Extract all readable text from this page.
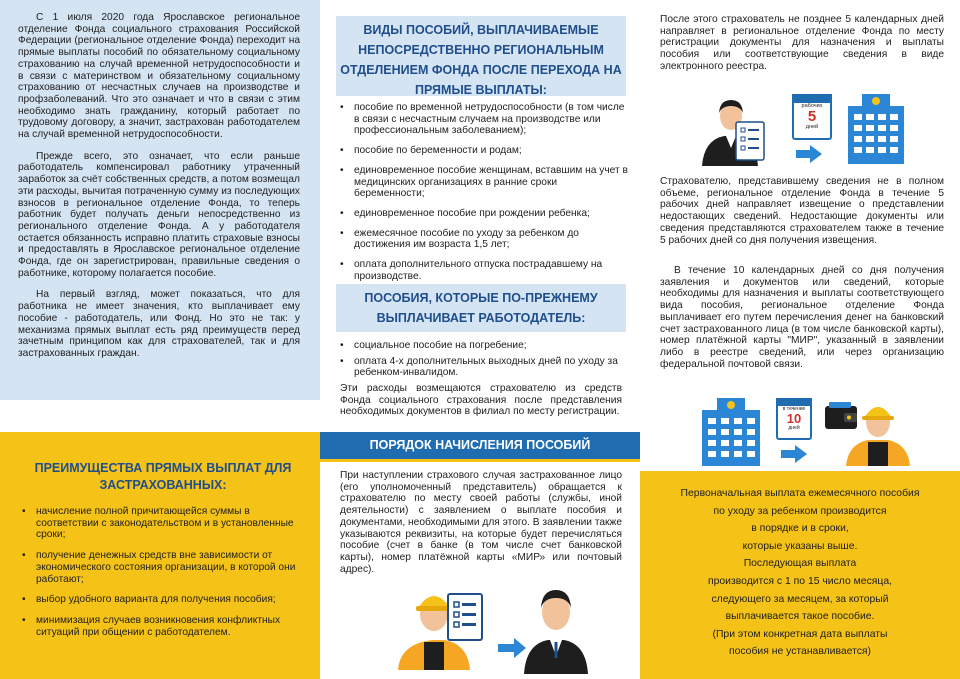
С 1 июля 2020 года Ярославское региональное отделение Фонда социального страхования Российской Федерации (региональное отделение Фонда) переходит на прямые выплаты пособий по обязательному социальному страхованию на случай временной нетрудоспособности и в связи с материнством и обязательному социальному страхованию от несчастных случаев на производстве и профзаболеваний. Что это означает и что в связи с этим необходимо знать гражданину, который работает по трудовому договору, а значит, застрахован работодателем на случай временной нетрудоспособности.

Прежде всего, это означает, что если раньше работодатель компенсировал работнику утраченный заработок за счёт собственных средств, а потом возмещал эти расходы, вычитая потраченную сумму из последующих взносов в региональное отделение Фонда, то теперь работник будет получать деньги непосредственно из регионального отделение Фонда. А у работодателя остается обязанность исправно платить страховые взносы и предоставлять в Ярославское региональное отделение Фонда, где он зарегистрирован, правильные сведения о работнике, которому полагается пособие.

На первый взгляд, может показаться, что для работника не имеет значения, кто выплачивает ему пособие - работодатель, или Фонд. Но это не так: у механизма прямых выплат есть ряд преимуществ перед зачетным принципом как для страхователей, так и для застрахованных граждан.

ПРЕИМУЩЕСТВА ПРЯМЫХ ВЫПЛАТ ДЛЯ ЗАСТРАХОВАННЫХ:
• начисление полной причитающейся суммы в соответствии с законодательством и в установленные сроки;
• получение денежных средств вне зависимости от экономического состояния организации, в которой они работают;
• выбор удобного варианта для получения пособия;
• минимизация случаев возникновения конфликтных ситуаций при общении с работодателем.
ВИДЫ ПОСОБИЙ, ВЫПЛАЧИВАЕМЫЕ НЕПОСРЕДСТВЕННО РЕГИОНАЛЬНЫМ ОТДЕЛЕНИЕМ ФОНДА ПОСЛЕ ПЕРЕХОДА НА ПРЯМЫЕ ВЫПЛАТЫ:
• пособие по временной нетрудоспособности (в том числе в связи с несчастным случаем на производстве или профессиональным заболеванием);
• пособие по беременности и родам;
• единовременное пособие женщинам, вставшим на учет в медицинских организациях в ранние сроки беременности;
• единовременное пособие при рождении ребенка;
• ежемесячное пособие по уходу за ребенком до достижения им возраста 1,5 лет;
• оплата дополнительного отпуска пострадавшему на производстве.
ПОСОБИЯ, КОТОРЫЕ ПО-ПРЕЖНЕМУ ВЫПЛАЧИВАЕТ РАБОТОДАТЕЛЬ:
• социальное пособие на погребение;
• оплата 4-х дополнительных выходных дней по уходу за ребенком-инвалидом.

Эти расходы возмещаются страхователю из средств Фонда социального страхования после представления необходимых документов в филиал по месту регистрации.

ПОРЯДОК НАЧИСЛЕНИЯ ПОСОБИЙ

При наступлении страхового случая застрахованное лицо (его уполномоченный представитель) обращается к страхователю по месту своей работы (службы, иной деятельности) с заявлением о выплате пособия и документами, необходимыми для этого. В заявлении также указываются реквизиты, на которые будет перечисляться пособие (счет в банке (в том числе счет банковской карты), номер платёжной карты «МИР» или почтовый адрес).

После этого страхователь не позднее 5 календарных дней направляет в региональное отделение Фонда по месту регистрации документы для назначения и выплаты пособия или соответствующие сведения в виде электронного реестра.

рабочих
5
дней

Страхователю, представившему сведения не в полном объеме, региональное отделение Фонда в течение 5 рабочих дней направляет извещение о представлении недостающих сведений. Недостающие документы или сведения представляются страхователем также в течение 5 рабочих дней со дня получения извещения.

В течение 10 календарных дней со дня получения заявления и документов или сведений, которые необходимы для назначения и выплаты соответствующего вида пособия, региональное отделение Фонда выплачивает его путем перечисления денег на банковский счет застрахованного лица (в том числе банковской карты), номер платёжной карты "МИР", указанный в заявлении либо в реестре сведений, или через организацию федеральной почтовой связи.

в течение
10
дней
Первоначальная выплата ежемесячного пособия
по уходу за ребенком производится
в порядке и в сроки,
которые указаны выше.
Последующая выплата
производится с 1 по 15 число месяца,
следующего за месяцем, за который
выплачивается такое пособие.
(При этом конкретная дата выплаты
пособия не устанавливается)
